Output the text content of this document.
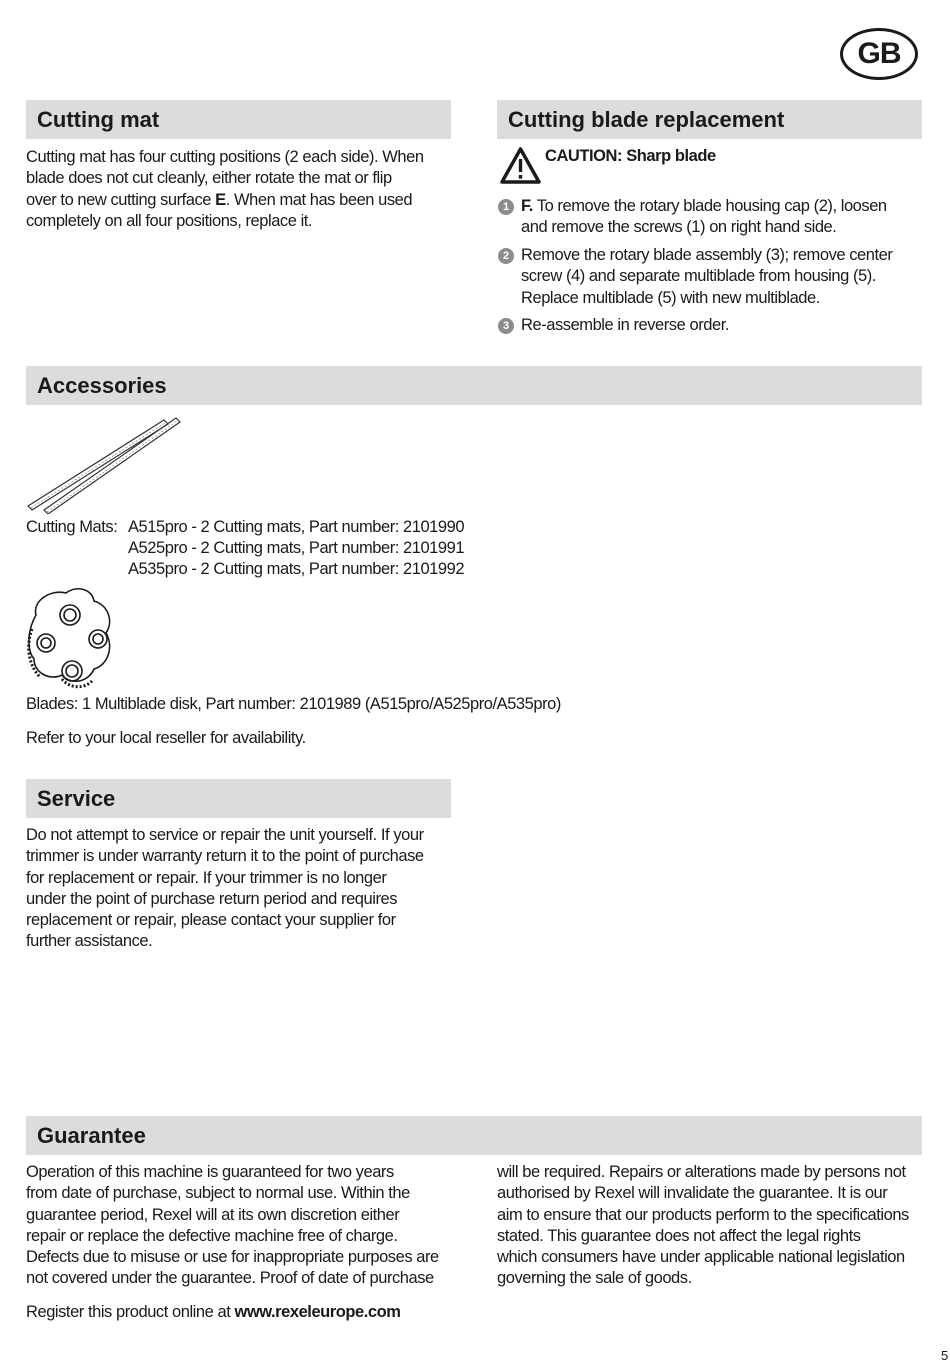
GB
Cutting mat
Cutting mat has four cutting positions (2 each side). When
blade does not cut cleanly, either rotate the mat or flip
over to new cutting surface E. When mat has been used
completely on all four positions, replace it.
Cutting blade replacement
CAUTION: Sharp blade
1 F. To remove the rotary blade housing cap (2), loosen
and remove the screws (1) on right hand side.
2 Remove the rotary blade assembly (3); remove center
screw (4) and separate multiblade from housing (5).
Replace multiblade (5) with new multiblade.
3 Re-assemble in reverse order.
Accessories
Cutting Mats: A515pro - 2 Cutting mats, Part number: 2101990
A525pro - 2 Cutting mats, Part number: 2101991
A535pro - 2 Cutting mats, Part number: 2101992
Blades: 1 Multiblade disk, Part number: 2101989 (A515pro/A525pro/A535pro)
Refer to your local reseller for availability.
Service
Do not attempt to service or repair the unit yourself. If your
trimmer is under warranty return it to the point of purchase
for replacement or repair. If your trimmer is no longer
under the point of purchase return period and requires
replacement or repair, please contact your supplier for
further assistance.
Guarantee
Operation of this machine is guaranteed for two years
from date of purchase, subject to normal use. Within the
guarantee period, Rexel will at its own discretion either
repair or replace the defective machine free of charge.
Defects due to misuse or use for inappropriate purposes are
not covered under the guarantee. Proof of date of purchase
will be required. Repairs or alterations made by persons not
authorised by Rexel will invalidate the guarantee. It is our
aim to ensure that our products perform to the specifications
stated. This guarantee does not affect the legal rights
which consumers have under applicable national legislation
governing the sale of goods.
Register this product online at www.rexeleurope.com
5
